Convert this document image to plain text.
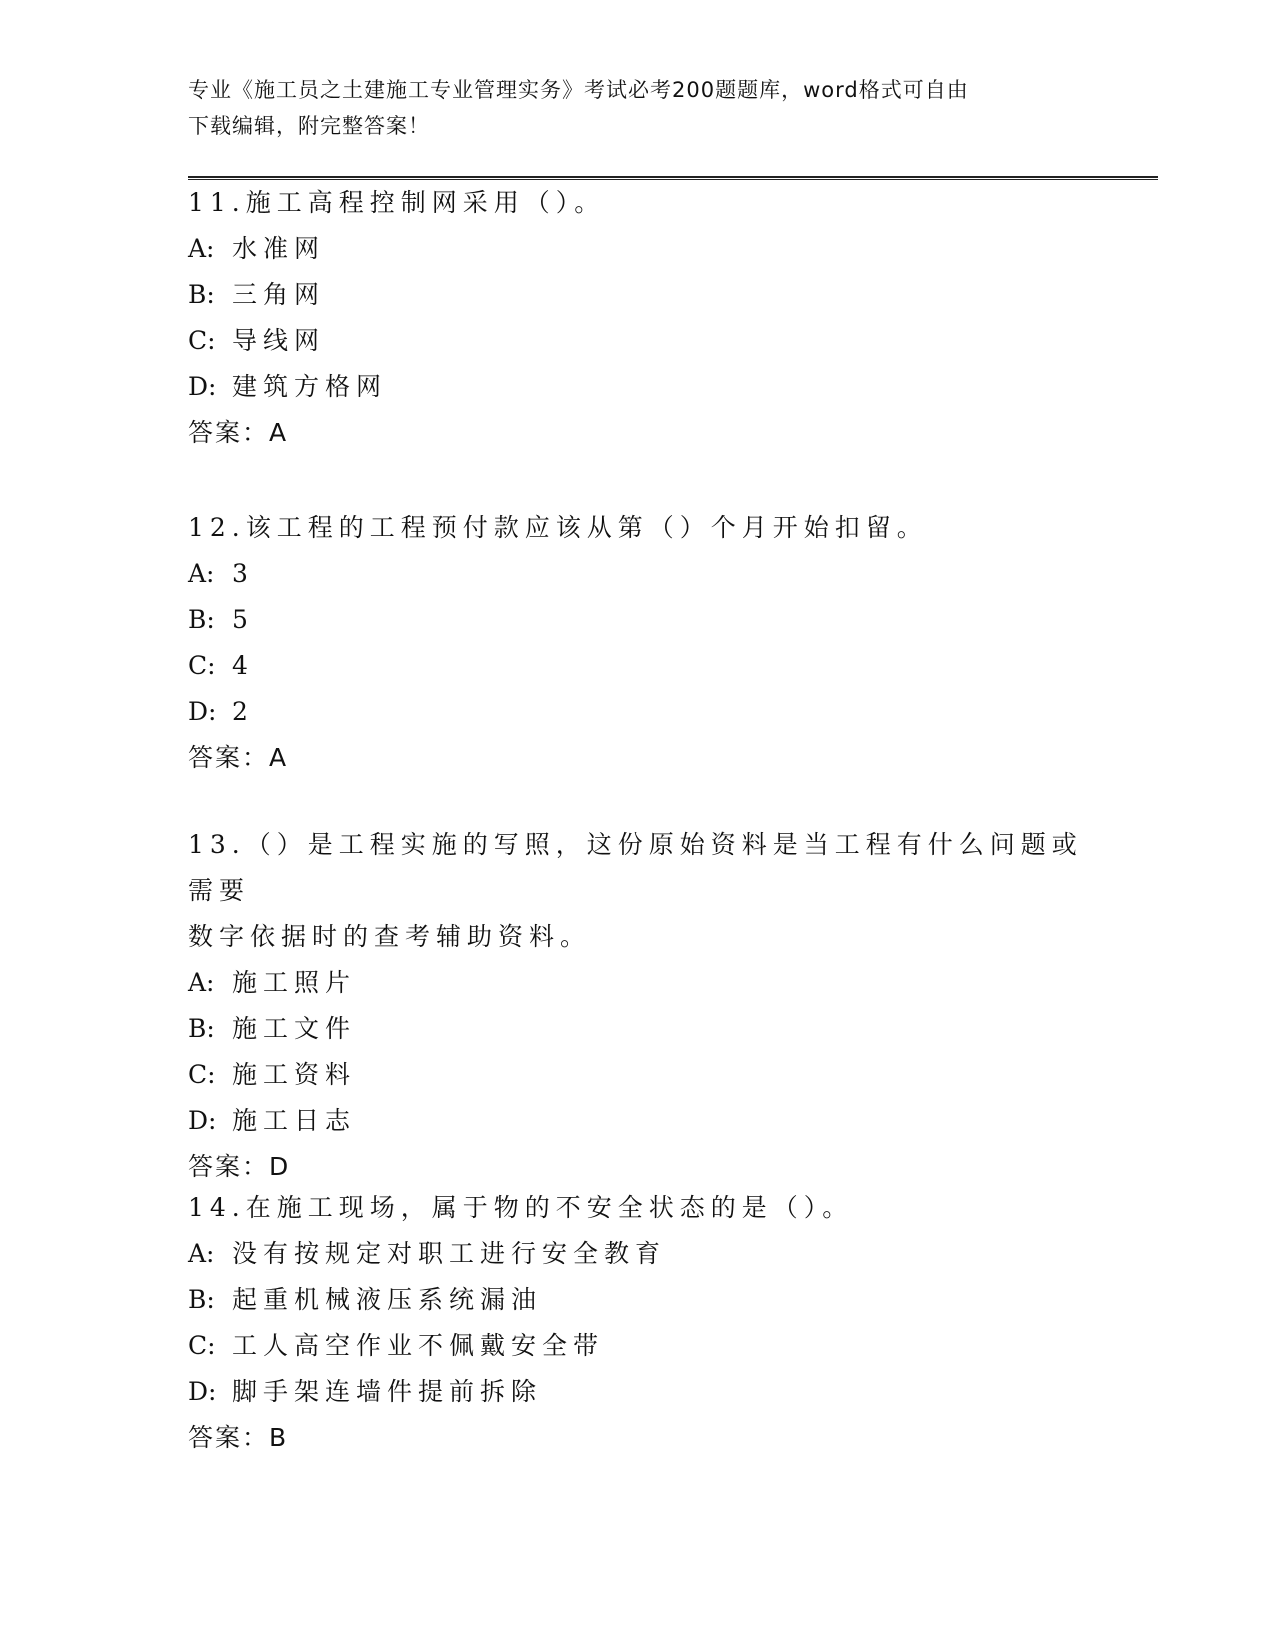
专业《施工员之土建施工专业管理实务》考试必考200题题库，word格式可自由
下载编辑，附完整答案！
11.施工高程控制网采用（）。
A: 水准网
B: 三角网
C: 导线网
D: 建筑方格网
答案：A
12.该工程的工程预付款应该从第（）个月开始扣留。
A: 3
B: 5
C: 4
D: 2
答案：A
13.（）是工程实施的写照，这份原始资料是当工程有什么问题或需要
数字依据时的查考辅助资料。
A: 施工照片
B: 施工文件
C: 施工资料
D: 施工日志
答案：D
14.在施工现场，属于物的不安全状态的是（）。
A: 没有按规定对职工进行安全教育
B: 起重机械液压系统漏油
C: 工人高空作业不佩戴安全带
D: 脚手架连墙件提前拆除
答案：B
